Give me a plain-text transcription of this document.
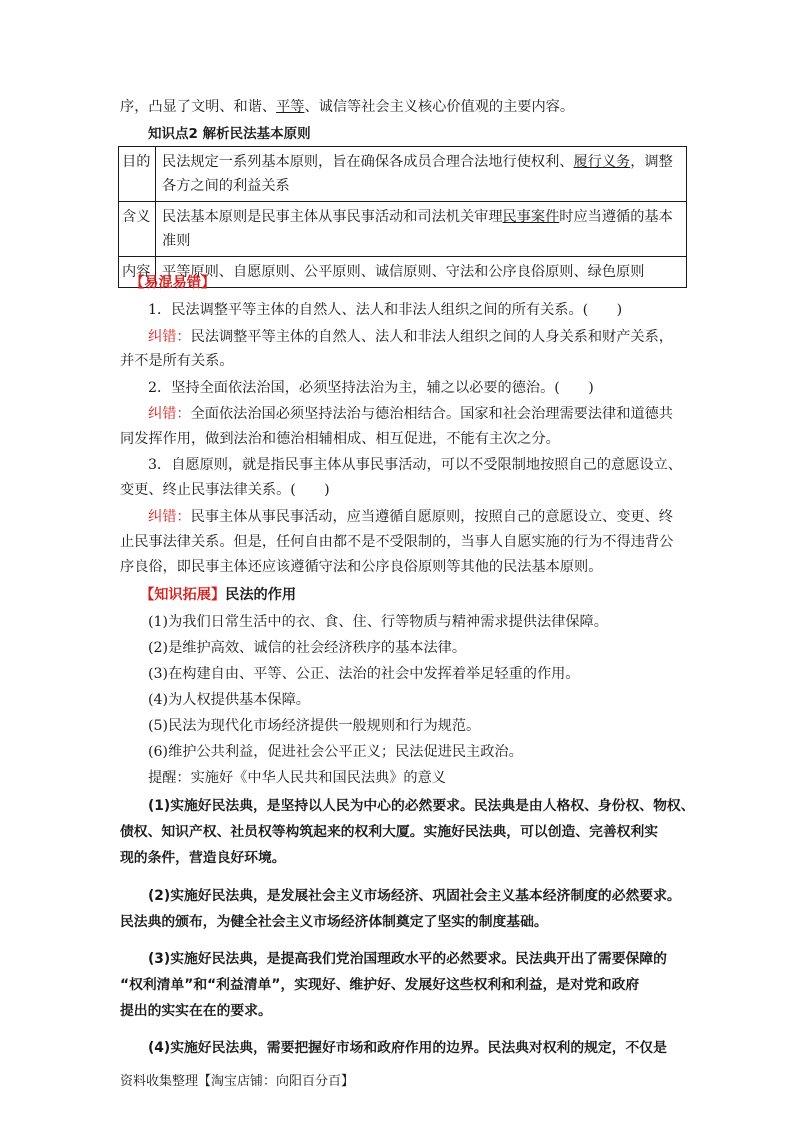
序，凸显了文明、和谐、平等、诚信等社会主义核心价值观的主要内容。
知识点2 解析民法基本原则
目的	民法规定一系列基本原则，旨在确保各成员合理合法地行使权利、履行义务，调整各方之间的利益关系
含义	民法基本原则是民事主体从事民事活动和司法机关审理民事案件时应当遵循的基本准则
内容	平等原则、自愿原则、公平原则、诚信原则、守法和公序良俗原则、绿色原则
【易混易错】
1．民法调整平等主体的自然人、法人和非法人组织之间的所有关系。(　　)
纠错：民法调整平等主体的自然人、法人和非法人组织之间的人身关系和财产关系，
并不是所有关系。
2．坚持全面依法治国，必须坚持法治为主，辅之以必要的德治。(　　)
纠错：全面依法治国必须坚持法治与德治相结合。国家和社会治理需要法律和道德共
同发挥作用，做到法治和德治相辅相成、相互促进，不能有主次之分。
3．自愿原则，就是指民事主体从事民事活动，可以不受限制地按照自己的意愿设立、
变更、终止民事法律关系。(　　)
纠错：民事主体从事民事活动，应当遵循自愿原则，按照自己的意愿设立、变更、终
止民事法律关系。但是，任何自由都不是不受限制的，当事人自愿实施的行为不得违背公
序良俗，即民事主体还应该遵循守法和公序良俗原则等其他的民法基本原则。
【知识拓展】民法的作用
(1)为我们日常生活中的衣、食、住、行等物质与精神需求提供法律保障。
(2)是维护高效、诚信的社会经济秩序的基本法律。
(3)在构建自由、平等、公正、法治的社会中发挥着举足轻重的作用。
(4)为人权提供基本保障。
(5)民法为现代化市场经济提供一般规则和行为规范。
(6)维护公共利益，促进社会公平正义；民法促进民主政治。
提醒：实施好《中华人民共和国民法典》的意义
(1)实施好民法典，是坚持以人民为中心的必然要求。民法典是由人格权、身份权、物权、
债权、知识产权、社员权等构筑起来的权利大厦。实施好民法典，可以创造、完善权利实
现的条件，营造良好环境。
(2)实施好民法典，是发展社会主义市场经济、巩固社会主义基本经济制度的必然要求。
民法典的颁布，为健全社会主义市场经济体制奠定了坚实的制度基础。
(3)实施好民法典，是提高我们党治国理政水平的必然要求。民法典开出了需要保障的
“权利清单”和“利益清单”，实现好、维护好、发展好这些权利和利益，是对党和政府
提出的实实在在的要求。
(4)实施好民法典，需要把握好市场和政府作用的边界。民法典对权利的规定，不仅是
资料收集整理【淘宝店铺：向阳百分百】
